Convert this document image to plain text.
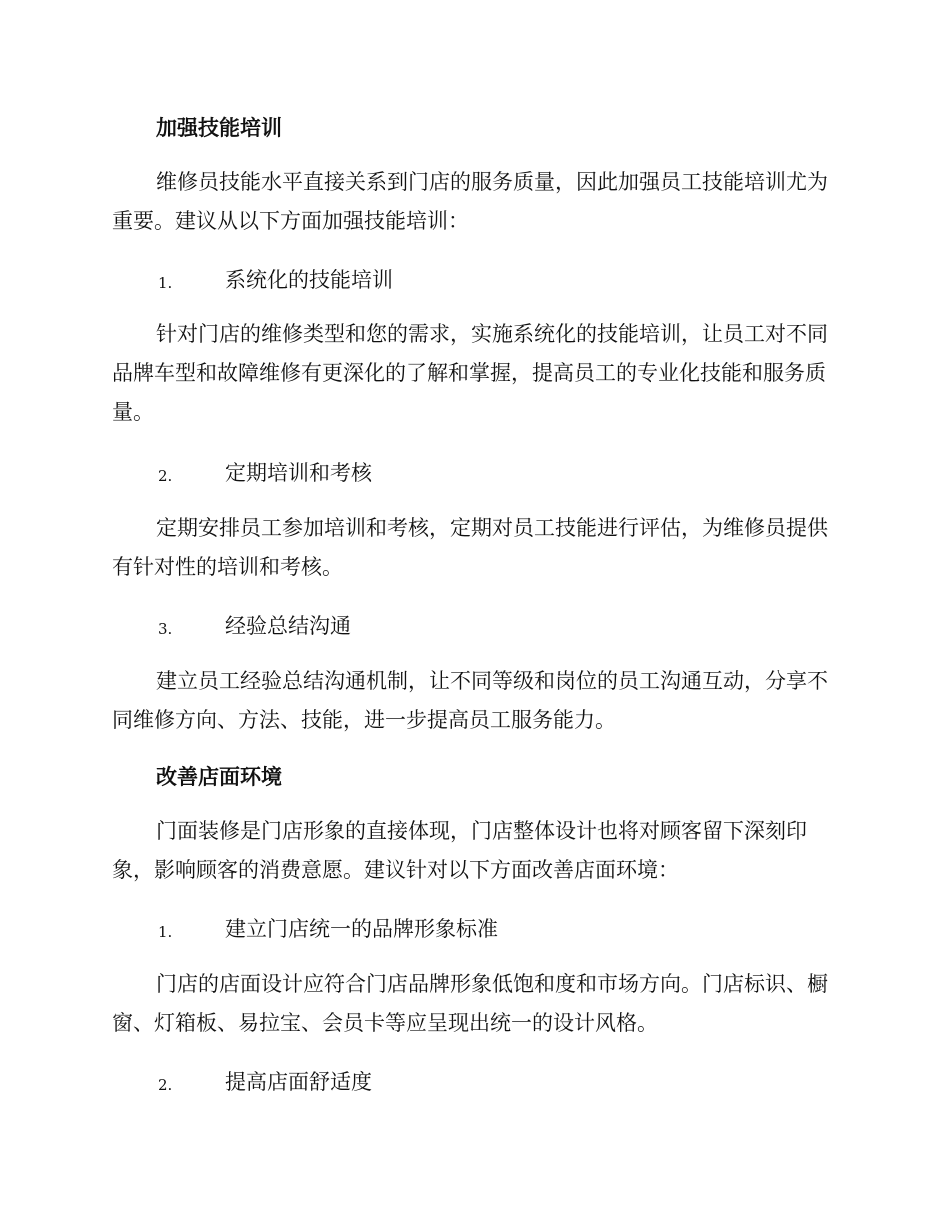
加强技能培训
维修员技能水平直接关系到门店的服务质量，因此加强员工技能培训尤为重要。建议从以下方面加强技能培训：
1.	系统化的技能培训
针对门店的维修类型和您的需求，实施系统化的技能培训，让员工对不同品牌车型和故障维修有更深化的了解和掌握，提高员工的专业化技能和服务质量。
2.	定期培训和考核
定期安排员工参加培训和考核，定期对员工技能进行评估，为维修员提供有针对性的培训和考核。
3.	经验总结沟通
建立员工经验总结沟通机制，让不同等级和岗位的员工沟通互动，分享不同维修方向、方法、技能，进一步提高员工服务能力。
改善店面环境
门面装修是门店形象的直接体现，门店整体设计也将对顾客留下深刻印象，影响顾客的消费意愿。建议针对以下方面改善店面环境：
1.	建立门店统一的品牌形象标准
门店的店面设计应符合门店品牌形象低饱和度和市场方向。门店标识、橱窗、灯箱板、易拉宝、会员卡等应呈现出统一的设计风格。
2.	提高店面舒适度
